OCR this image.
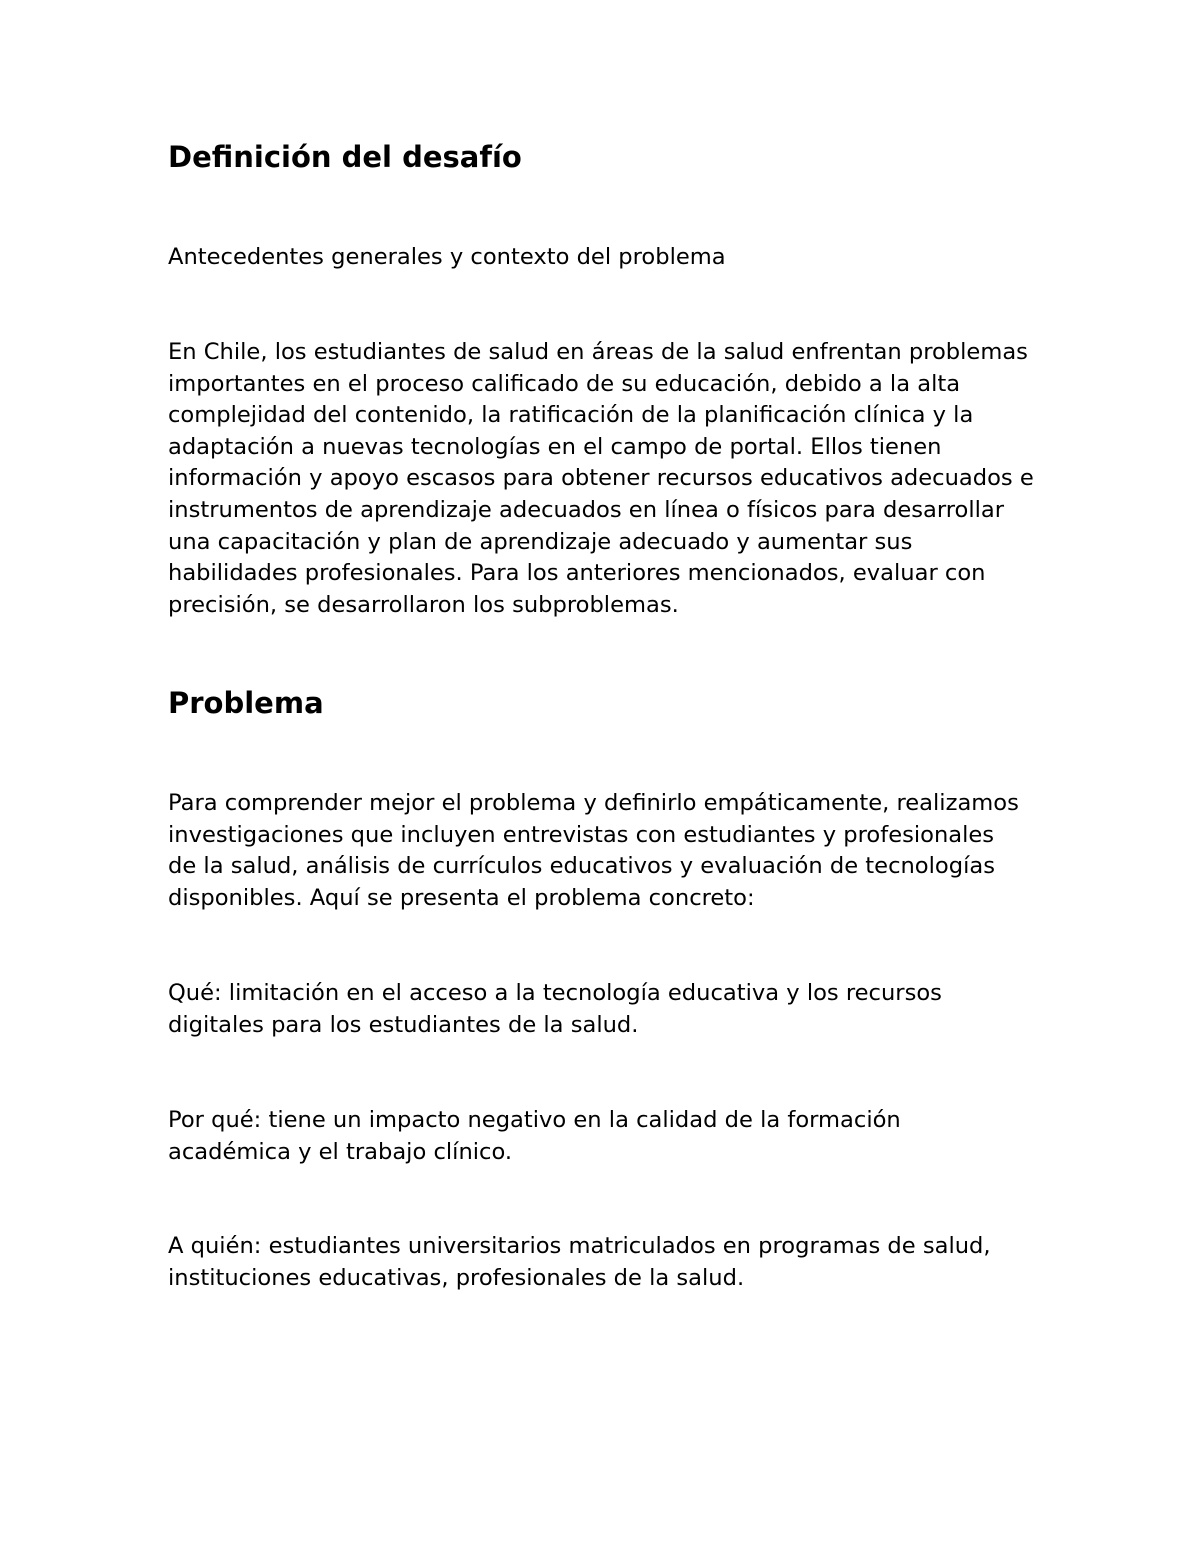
Definición del desafío

Antecedentes generales y contexto del problema

En Chile, los estudiantes de salud en áreas de la salud enfrentan problemas importantes en el proceso calificado de su educación, debido a la alta complejidad del contenido, la ratificación de la planificación clínica y la adaptación a nuevas tecnologías en el campo de portal. Ellos tienen información y apoyo escasos para obtener recursos educativos adecuados e instrumentos de aprendizaje adecuados en línea o físicos para desarrollar una capacitación y plan de aprendizaje adecuado y aumentar sus habilidades profesionales. Para los anteriores mencionados, evaluar con precisión, se desarrollaron los subproblemas.

Problema

Para comprender mejor el problema y definirlo empáticamente, realizamos investigaciones que incluyen entrevistas con estudiantes y profesionales de la salud, análisis de currículos educativos y evaluación de tecnologías disponibles. Aquí se presenta el problema concreto:

Qué: limitación en el acceso a la tecnología educativa y los recursos digitales para los estudiantes de la salud.

Por qué: tiene un impacto negativo en la calidad de la formación académica y el trabajo clínico.

A quién: estudiantes universitarios matriculados en programas de salud, instituciones educativas, profesionales de la salud.
